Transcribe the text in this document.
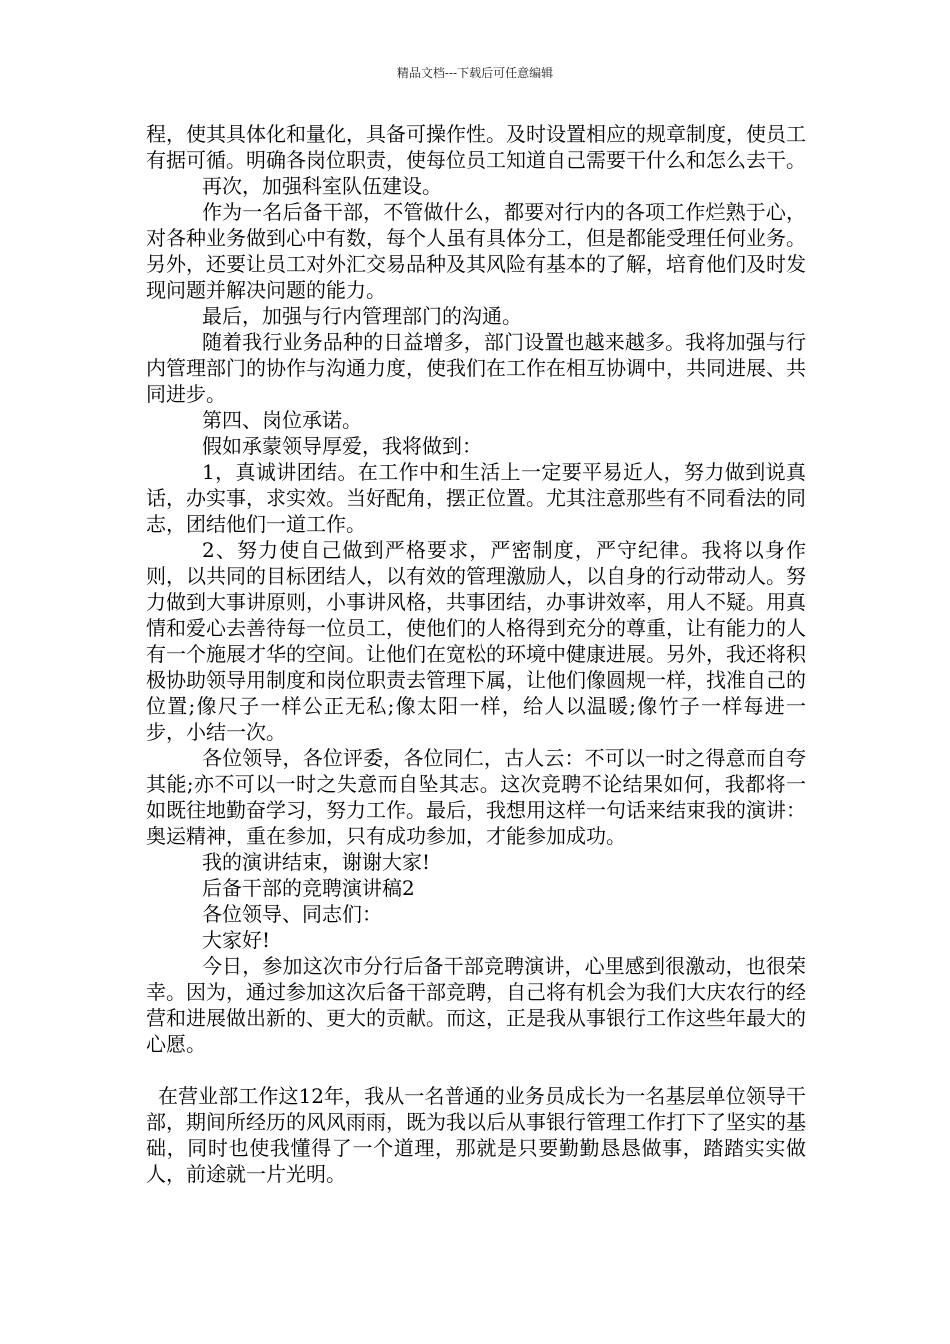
精品文档---下载后可任意编辑

程，使其具体化和量化，具备可操作性。及时设置相应的规章制度，使员工有据可循。明确各岗位职责，使每位员工知道自己需要干什么和怎么去干。

再次，加强科室队伍建设。

作为一名后备干部，不管做什么，都要对行内的各项工作烂熟于心，对各种业务做到心中有数，每个人虽有具体分工，但是都能受理任何业务。另外，还要让员工对外汇交易品种及其风险有基本的了解，培育他们及时发现问题并解决问题的能力。

最后，加强与行内管理部门的沟通。

随着我行业务品种的日益增多，部门设置也越来越多。我将加强与行内管理部门的协作与沟通力度，使我们在工作在相互协调中，共同进展、共同进步。

第四、岗位承诺。

假如承蒙领导厚爱，我将做到：

1，真诚讲团结。在工作中和生活上一定要平易近人，努力做到说真话，办实事，求实效。当好配角，摆正位置。尤其注意那些有不同看法的同志，团结他们一道工作。

2、努力使自己做到严格要求，严密制度，严守纪律。我将以身作则，以共同的目标团结人，以有效的管理激励人，以自身的行动带动人。努力做到大事讲原则，小事讲风格，共事团结，办事讲效率，用人不疑。用真情和爱心去善待每一位员工，使他们的人格得到充分的尊重，让有能力的人有一个施展才华的空间。让他们在宽松的环境中健康进展。另外，我还将积极协助领导用制度和岗位职责去管理下属，让他们像圆规一样，找准自己的位置;像尺子一样公正无私;像太阳一样，给人以温暖;像竹子一样每进一步，小结一次。

各位领导，各位评委，各位同仁，古人云：不可以一时之得意而自夸其能;亦不可以一时之失意而自坠其志。这次竞聘不论结果如何，我都将一如既往地勤奋学习，努力工作。最后，我想用这样一句话来结束我的演讲：奥运精神，重在参加，只有成功参加，才能参加成功。

我的演讲结束，谢谢大家!

后备干部的竞聘演讲稿2

各位领导、同志们：

大家好!

今日，参加这次市分行后备干部竞聘演讲，心里感到很激动，也很荣幸。因为，通过参加这次后备干部竞聘，自己将有机会为我们大庆农行的经营和进展做出新的、更大的贡献。而这，正是我从事银行工作这些年最大的心愿。

在营业部工作这12年，我从一名普通的业务员成长为一名基层单位领导干部，期间所经历的风风雨雨，既为我以后从事银行管理工作打下了坚实的基础，同时也使我懂得了一个道理，那就是只要勤勤恳恳做事，踏踏实实做人，前途就一片光明。
